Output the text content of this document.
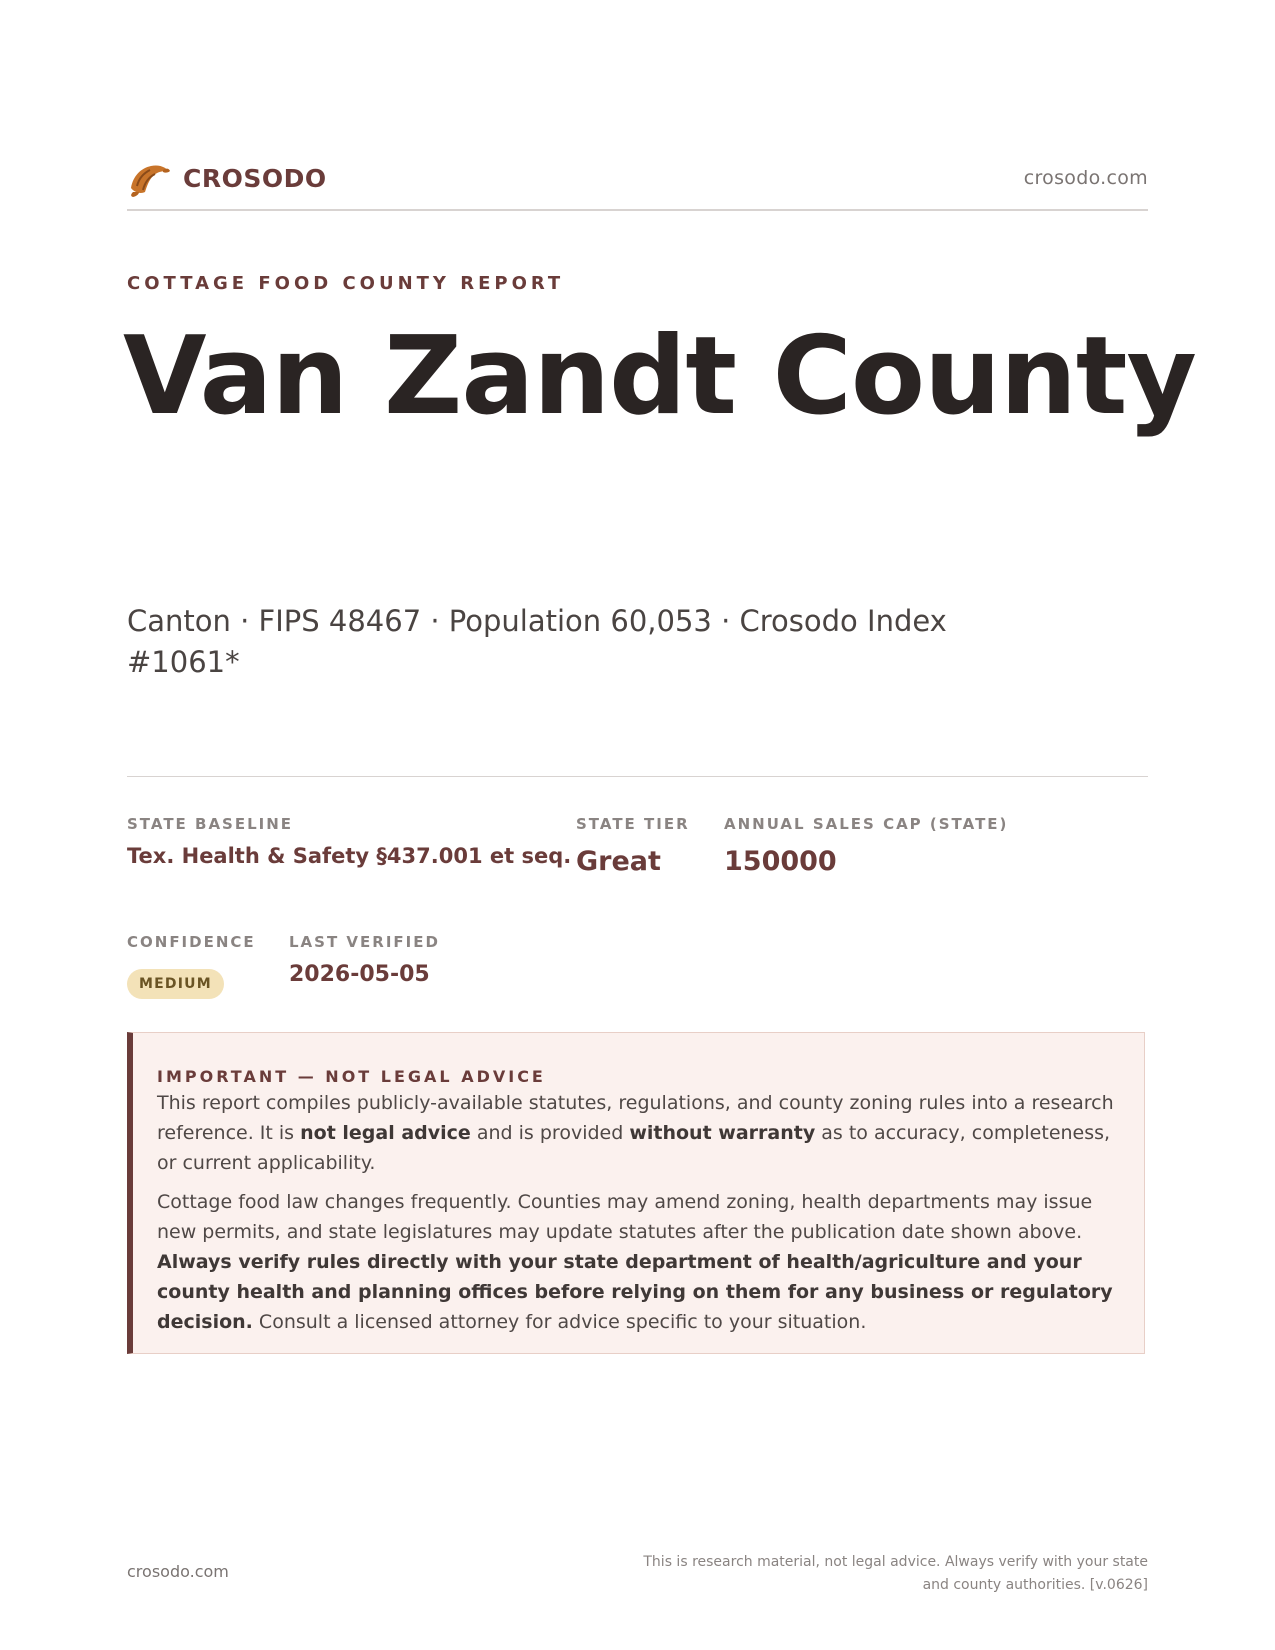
CROSODO	crosodo.com
COTTAGE FOOD COUNTY REPORT
Van Zandt County
Canton · FIPS 48467 · Population 60,053 · Crosodo Index #1061*
STATE BASELINE
Tex. Health & Safety §437.001 et seq.
STATE TIER
Great
ANNUAL SALES CAP (STATE)
150000
CONFIDENCE
MEDIUM
LAST VERIFIED
2026-05-05
IMPORTANT — NOT LEGAL ADVICE
This report compiles publicly-available statutes, regulations, and county zoning rules into a research reference. It is not legal advice and is provided without warranty as to accuracy, completeness, or current applicability.
Cottage food law changes frequently. Counties may amend zoning, health departments may issue new permits, and state legislatures may update statutes after the publication date shown above. Always verify rules directly with your state department of health/agriculture and your county health and planning offices before relying on them for any business or regulatory decision. Consult a licensed attorney for advice specific to your situation.
crosodo.com	This is research material, not legal advice. Always verify with your state
and county authorities. [v.0626]
